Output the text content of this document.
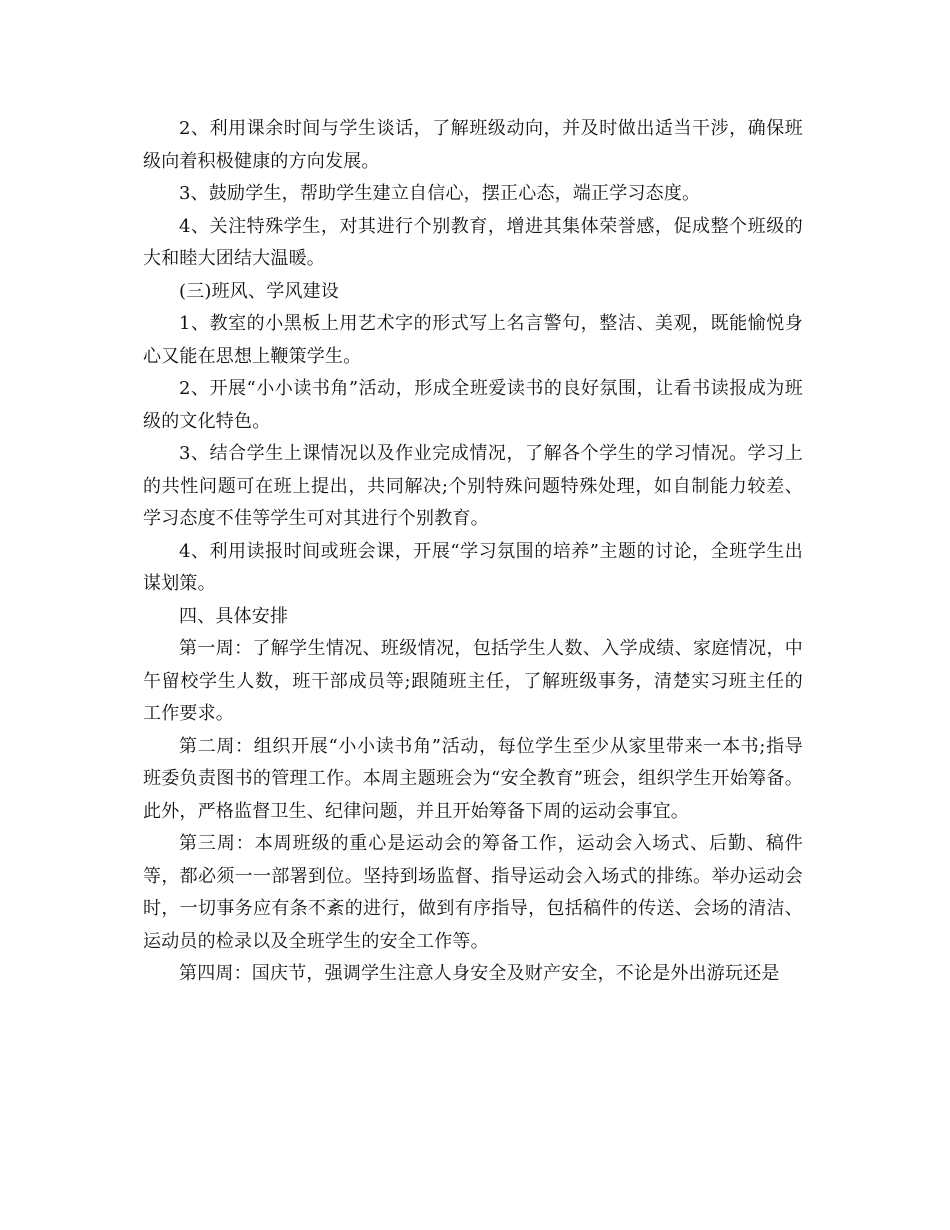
2、利用课余时间与学生谈话，了解班级动向，并及时做出适当干涉，确保班级向着积极健康的方向发展。

3、鼓励学生，帮助学生建立自信心，摆正心态，端正学习态度。

4、关注特殊学生，对其进行个别教育，增进其集体荣誉感，促成整个班级的大和睦大团结大温暖。

(三)班风、学风建设

1、教室的小黑板上用艺术字的形式写上名言警句，整洁、美观，既能愉悦身心又能在思想上鞭策学生。

2、开展“小小读书角”活动，形成全班爱读书的良好氛围，让看书读报成为班级的文化特色。

3、结合学生上课情况以及作业完成情况，了解各个学生的学习情况。学习上的共性问题可在班上提出，共同解决;个别特殊问题特殊处理，如自制能力较差、学习态度不佳等学生可对其进行个别教育。

4、利用读报时间或班会课，开展“学习氛围的培养”主题的讨论，全班学生出谋划策。

四、具体安排

第一周：了解学生情况、班级情况，包括学生人数、入学成绩、家庭情况，中午留校学生人数，班干部成员等;跟随班主任，了解班级事务，清楚实习班主任的工作要求。

第二周：组织开展“小小读书角”活动，每位学生至少从家里带来一本书;指导班委负责图书的管理工作。本周主题班会为“安全教育”班会，组织学生开始筹备。此外，严格监督卫生、纪律问题，并且开始筹备下周的运动会事宜。

第三周：本周班级的重心是运动会的筹备工作，运动会入场式、后勤、稿件等，都必须一一部署到位。坚持到场监督、指导运动会入场式的排练。举办运动会时，一切事务应有条不紊的进行，做到有序指导，包括稿件的传送、会场的清洁、运动员的检录以及全班学生的安全工作等。

第四周：国庆节，强调学生注意人身安全及财产安全，不论是外出游玩还是
